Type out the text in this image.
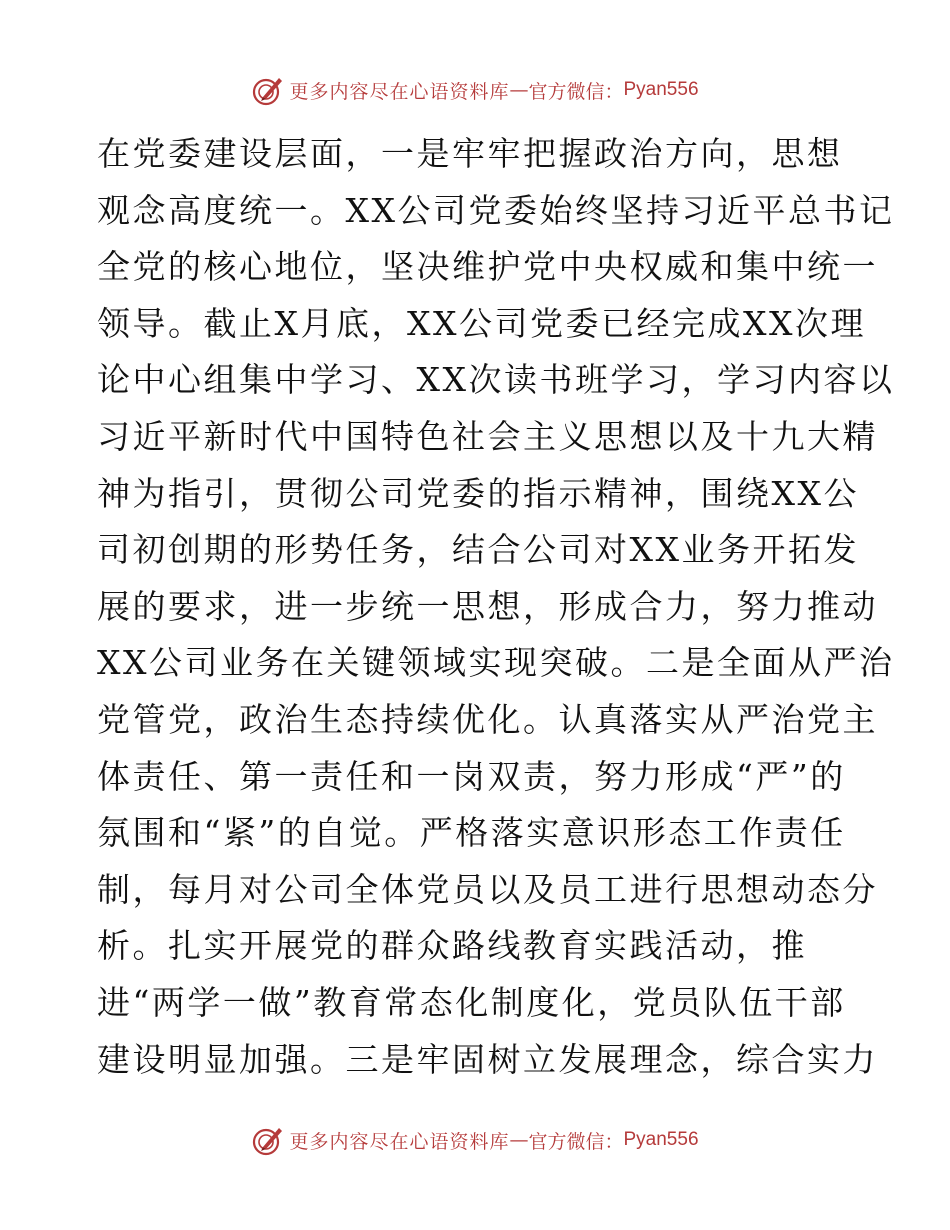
更多内容尽在心语资料库 — 官方微信： Pyan556
在党委建设层面，一是牢牢把握政治方向，思想
观念高度统一。XX公司党委始终坚持习近平总书记
全党的核心地位，坚决维护党中央权威和集中统一
领导。截止X月底，XX公司党委已经完成XX次理
论中心组集中学习、XX次读书班学习，学习内容以
习近平新时代中国特色社会主义思想以及十九大精
神为指引，贯彻公司党委的指示精神，围绕XX公
司初创期的形势任务，结合公司对XX业务开拓发
展的要求，进一步统一思想，形成合力，努力推动
XX公司业务在关键领域实现突破。二是全面从严治
党管党，政治生态持续优化。认真落实从严治党主
体责任、第一责任和一岗双责，努力形成“严”的
氛围和“紧”的自觉。严格落实意识形态工作责任
制，每月对公司全体党员以及员工进行思想动态分
析。扎实开展党的群众路线教育实践活动，推
进“两学一做”教育常态化制度化，党员队伍干部
建设明显加强。三是牢固树立发展理念，综合实力
更多内容尽在心语资料库 — 官方微信： Pyan556
